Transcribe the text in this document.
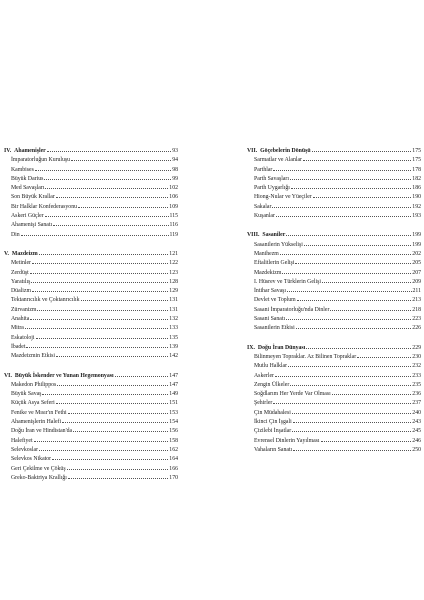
IV. Ahamenişler	93
İmparatorluğun Kuruluşu	94
Kambises	98
Büyük Darius	99
Med Savaşları	102
Son Büyük Krallar	106
Bir Halklar Konfederasyonu	109
Askeri Güçler	115
Ahamenişi Sanatı	116
Din	119
V. Mazdeizm	121
Metinler	122
Zerdüşt	123
Yaratılış	128
Düalizm	129
Tektanrıcılık ve Çoktanrıcılık	131
Zürvanizm	131
Anahita	132
Mitra	133
Eskatoloji	135
İbadet	139
Mazdeizmin Etkisi	142
VI. Büyük İskender ve Yunan Hegemonyası	147
Makedon Philippos	147
Büyük Savaş	149
Küçük Asya Seferi	151
Fenike ve Mısır'ın Fethi	153
Ahamenişlerin Halefi	154
Doğu İran ve Hindistan'da	156
Halefiyet	158
Selevkoslar	162
Selevkos Nikator	164
Geri Çekilme ve Çöküş	166
Greko-Baktriya Krallığı	170
VII. Göçebelerin Dönüşü	175
Sarmatlar ve Alanlar	175
Parthlar	178
Parth Savaşları	182
Parth Uygarlığı	186
Hiong-Nular ve Yüeçiler	190
Sakalar	192
Kuşanlar	193
VIII. Sasaniler	199
Sasanilerin Yükselişi	199
Manihezm	202
Eftalitlerin Gelişi	205
Mazdekizm	207
I. Hüsrev ve Türklerin Gelişi	209
İntihar Savaşı	211
Devlet ve Toplum	213
Sasani İmparatorluğu'nda Dinler	218
Sasani Sanatı	223
Sasanilerin Etkisi	226
IX. Doğu İran Dünyası	229
Bilinmeyen Topraklar. Az Bilinen Topraklar	230
Mutlu Halklar	232
Askerler	233
Zengin Ülkeler	235
Soğdlarım Her Yerde Var Olması	236
Şehirler	237
Çin Müdahalesi	240
İkinci Çin İşgali	243
Çizilebi İnşatlar	245
Evrensel Dinlerin Yayılması	246
Vahaların Sanatı	250
